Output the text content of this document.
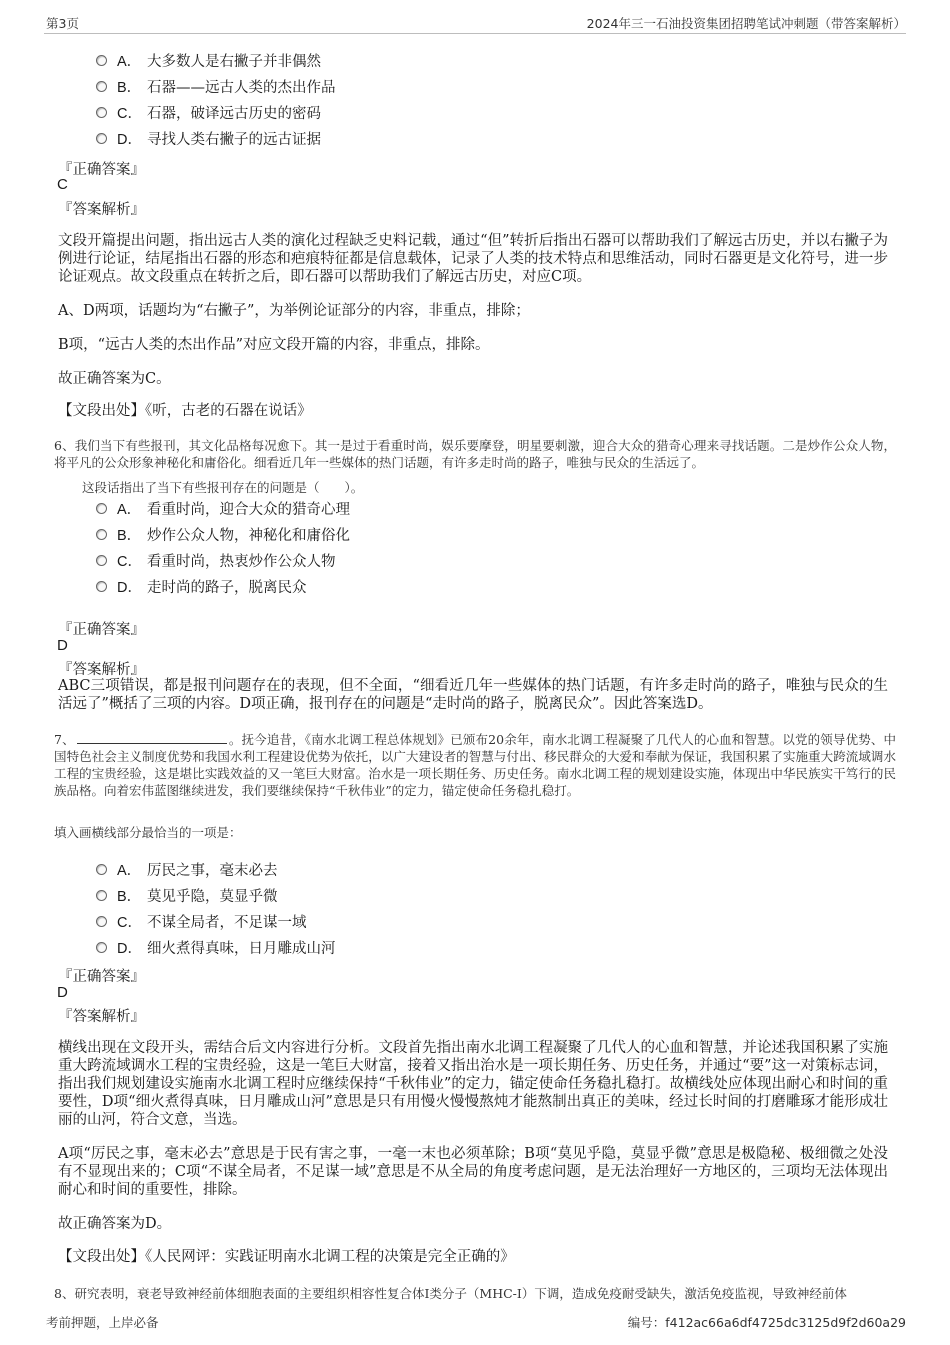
第3页	2024年三一石油投资集团招聘笔试冲刺题（带答案解析）
A． 大多数人是右撇子并非偶然
B． 石器——远古人类的杰出作品
C． 石器，破译远古历史的密码
D． 寻找人类右撇子的远古证据
『正确答案』
C
『答案解析』
文段开篇提出问题，指出远古人类的演化过程缺乏史料记载，通过“但”转折后指出石器可以帮助我们了解远古历史，并以右撇子为例进行论证，结尾指出石器的形态和疤痕特征都是信息载体，记录了人类的技术特点和思维活动，同时石器更是文化符号，进一步论证观点。故文段重点在转折之后，即石器可以帮助我们了解远古历史，对应C项。
A、D两项，话题均为“右撇子”，为举例论证部分的内容，非重点，排除；
B项，“远古人类的杰出作品”对应文段开篇的内容，非重点，排除。
故正确答案为C。
【文段出处】《听，古老的石器在说话》
6、我们当下有些报刊，其文化品格每况愈下。其一是过于看重时尚，娱乐要摩登，明星要刺激，迎合大众的猎奇心理来寻找话题。二是炒作公众人物，将平凡的公众形象神秘化和庸俗化。细看近几年一些媒体的热门话题，有许多走时尚的路子，唯独与民众的生活远了。
这段话指出了当下有些报刊存在的问题是（　　）。
A． 看重时尚，迎合大众的猎奇心理
B． 炒作公众人物，神秘化和庸俗化
C． 看重时尚，热衷炒作公众人物
D． 走时尚的路子，脱离民众
『正确答案』
D
『答案解析』
ABC三项错误，都是报刊问题存在的表现，但不全面，“细看近几年一些媒体的热门话题，有许多走时尚的路子，唯独与民众的生活远了”概括了三项的内容。D项正确，报刊存在的问题是“走时尚的路子，脱离民众”。因此答案选D。
7、	。抚今追昔，《南水北调工程总体规划》已颁布20余年，南水北调工程凝聚了几代人的心血和智慧。以党的领导优势、中国特色社会主义制度优势和我国水利工程建设优势为依托，以广大建设者的智慧与付出、移民群众的大爱和奉献为保证，我国积累了实施重大跨流域调水工程的宝贵经验，这是堪比实践效益的又一笔巨大财富。治水是一项长期任务、历史任务。南水北调工程的规划建设实施，体现出中华民族实干笃行的民族品格。向着宏伟蓝图继续进发，我们要继续保持“千秋伟业”的定力，锚定使命任务稳扎稳打。
填入画横线部分最恰当的一项是：
A． 厉民之事，毫末必去
B． 莫见乎隐，莫显乎微
C． 不谋全局者，不足谋一域
D． 细火煮得真味，日月雕成山河
『正确答案』
D
『答案解析』
横线出现在文段开头，需结合后文内容进行分析。文段首先指出南水北调工程凝聚了几代人的心血和智慧，并论述我国积累了实施重大跨流域调水工程的宝贵经验，这是一笔巨大财富，接着又指出治水是一项长期任务、历史任务，并通过“要”这一对策标志词，指出我们规划建设实施南水北调工程时应继续保持“千秋伟业”的定力，锚定使命任务稳扎稳打。故横线处应体现出耐心和时间的重要性，D项“细火煮得真味，日月雕成山河”意思是只有用慢火慢慢熬炖才能熬制出真正的美味，经过长时间的打磨雕琢才能形成壮丽的山河，符合文意，当选。
A项“厉民之事，毫末必去”意思是于民有害之事，一毫一末也必须革除；B项“莫见乎隐，莫显乎微”意思是极隐秘、极细微之处没有不显现出来的；C项“不谋全局者，不足谋一域”意思是不从全局的角度考虑问题，是无法治理好一方地区的，三项均无法体现出耐心和时间的重要性，排除。
故正确答案为D。
【文段出处】《人民网评：实践证明南水北调工程的决策是完全正确的》
8、研究表明，衰老导致神经前体细胞表面的主要组织相容性复合体I类分子（MHC-I）下调，造成免疫耐受缺失，激活免疫监视，导致神经前体
考前押题，上岸必备	编号：f412ac66a6df4725dc3125d9f2d60a29
